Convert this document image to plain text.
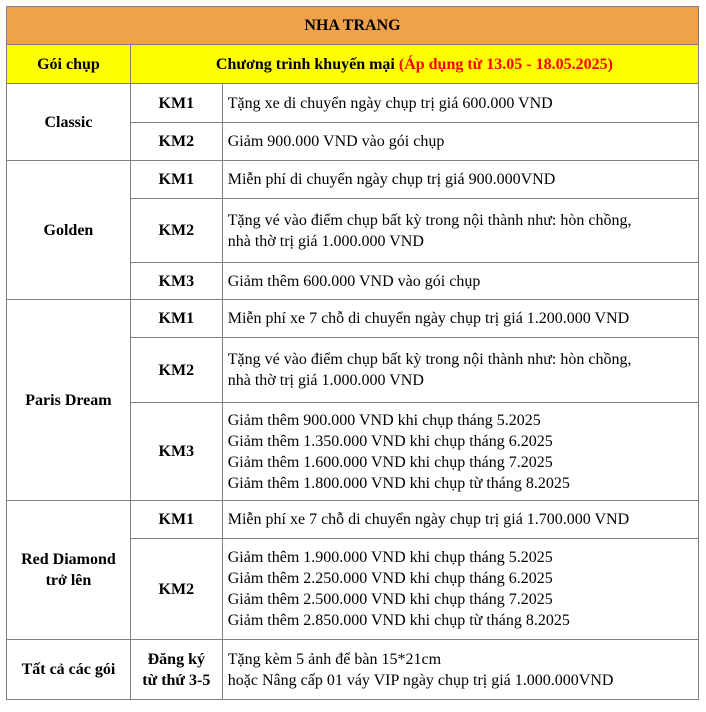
NHA TRANG		
Gói chụp	Chương trình khuyến mại (Áp dụng từ 13.05 - 18.05.2025)	

Classic	KM1	Tặng xe di chuyển ngày chụp trị giá 600.000 VND

	KM2	Giảm 900.000 VND vào gói chụp

Golden	KM1	Miễn phí di chuyển ngày chụp trị giá 900.000VND

	KM2	Tặng vé vào điểm chụp bất kỳ trong nội thành như: hòn chồng,
nhà thờ trị giá 1.000.000 VND

	KM3	Giảm thêm 600.000 VND vào gói chụp

Paris Dream	KM1	Miễn phí xe 7 chỗ di chuyển ngày chụp trị giá 1.200.000 VND

	KM2	Tặng vé vào điểm chụp bất kỳ trong nội thành như: hòn chồng,
nhà thờ trị giá 1.000.000 VND

	KM3	Giảm thêm 900.000 VND khi chụp tháng 5.2025
Giảm thêm 1.350.000 VND khi chụp tháng 6.2025
Giảm thêm 1.600.000 VND khi chụp tháng 7.2025
Giảm thêm 1.800.000 VND khi chụp từ tháng 8.2025

Red Diamond
trở lên	KM1	Miễn phí xe 7 chỗ di chuyển ngày chụp trị giá 1.700.000 VND

	KM2	Giảm thêm 1.900.000 VND khi chụp tháng 5.2025
Giảm thêm 2.250.000 VND khi chụp tháng 6.2025
Giảm thêm 2.500.000 VND khi chụp tháng 7.2025
Giảm thêm 2.850.000 VND khi chụp từ tháng 8.2025

Tất cả các gói	Đăng ký
từ thứ 3-5	Tặng kèm 5 ảnh để bàn 15*21cm
hoặc Nâng cấp 01 váy VIP ngày chụp trị giá 1.000.000VND
